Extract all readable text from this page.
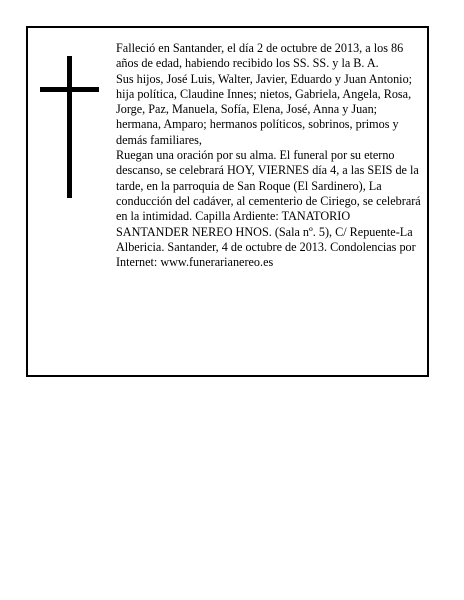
Falleció en Santander, el día 2 de octubre de 2013, a los 86 años de edad, habiendo recibido los SS. SS. y la B. A.

Sus hijos, José Luis, Walter, Javier, Eduardo y Juan Antonio; hija política, Claudine Innes; nietos, Gabriela, Angela, Rosa, Jorge, Paz, Manuela, Sofía, Elena, José, Anna y Juan; hermana, Amparo; hermanos políticos, sobrinos, primos y demás familiares,

Ruegan una oración por su alma. El funeral por su eterno descanso, se celebrará HOY, VIERNES día 4, a las SEIS de la tarde, en la parroquia de San Roque (El Sardinero), La conducción del cadáver, al cementerio de Ciriego, se celebrará en la intimidad. Capilla Ardiente: TANATORIO SANTANDER NEREO HNOS. (Sala nº. 5), C/ Repuente-La Albericia. Santander, 4 de octubre de 2013. Condolencias por Internet: www.funerarianereo.es
